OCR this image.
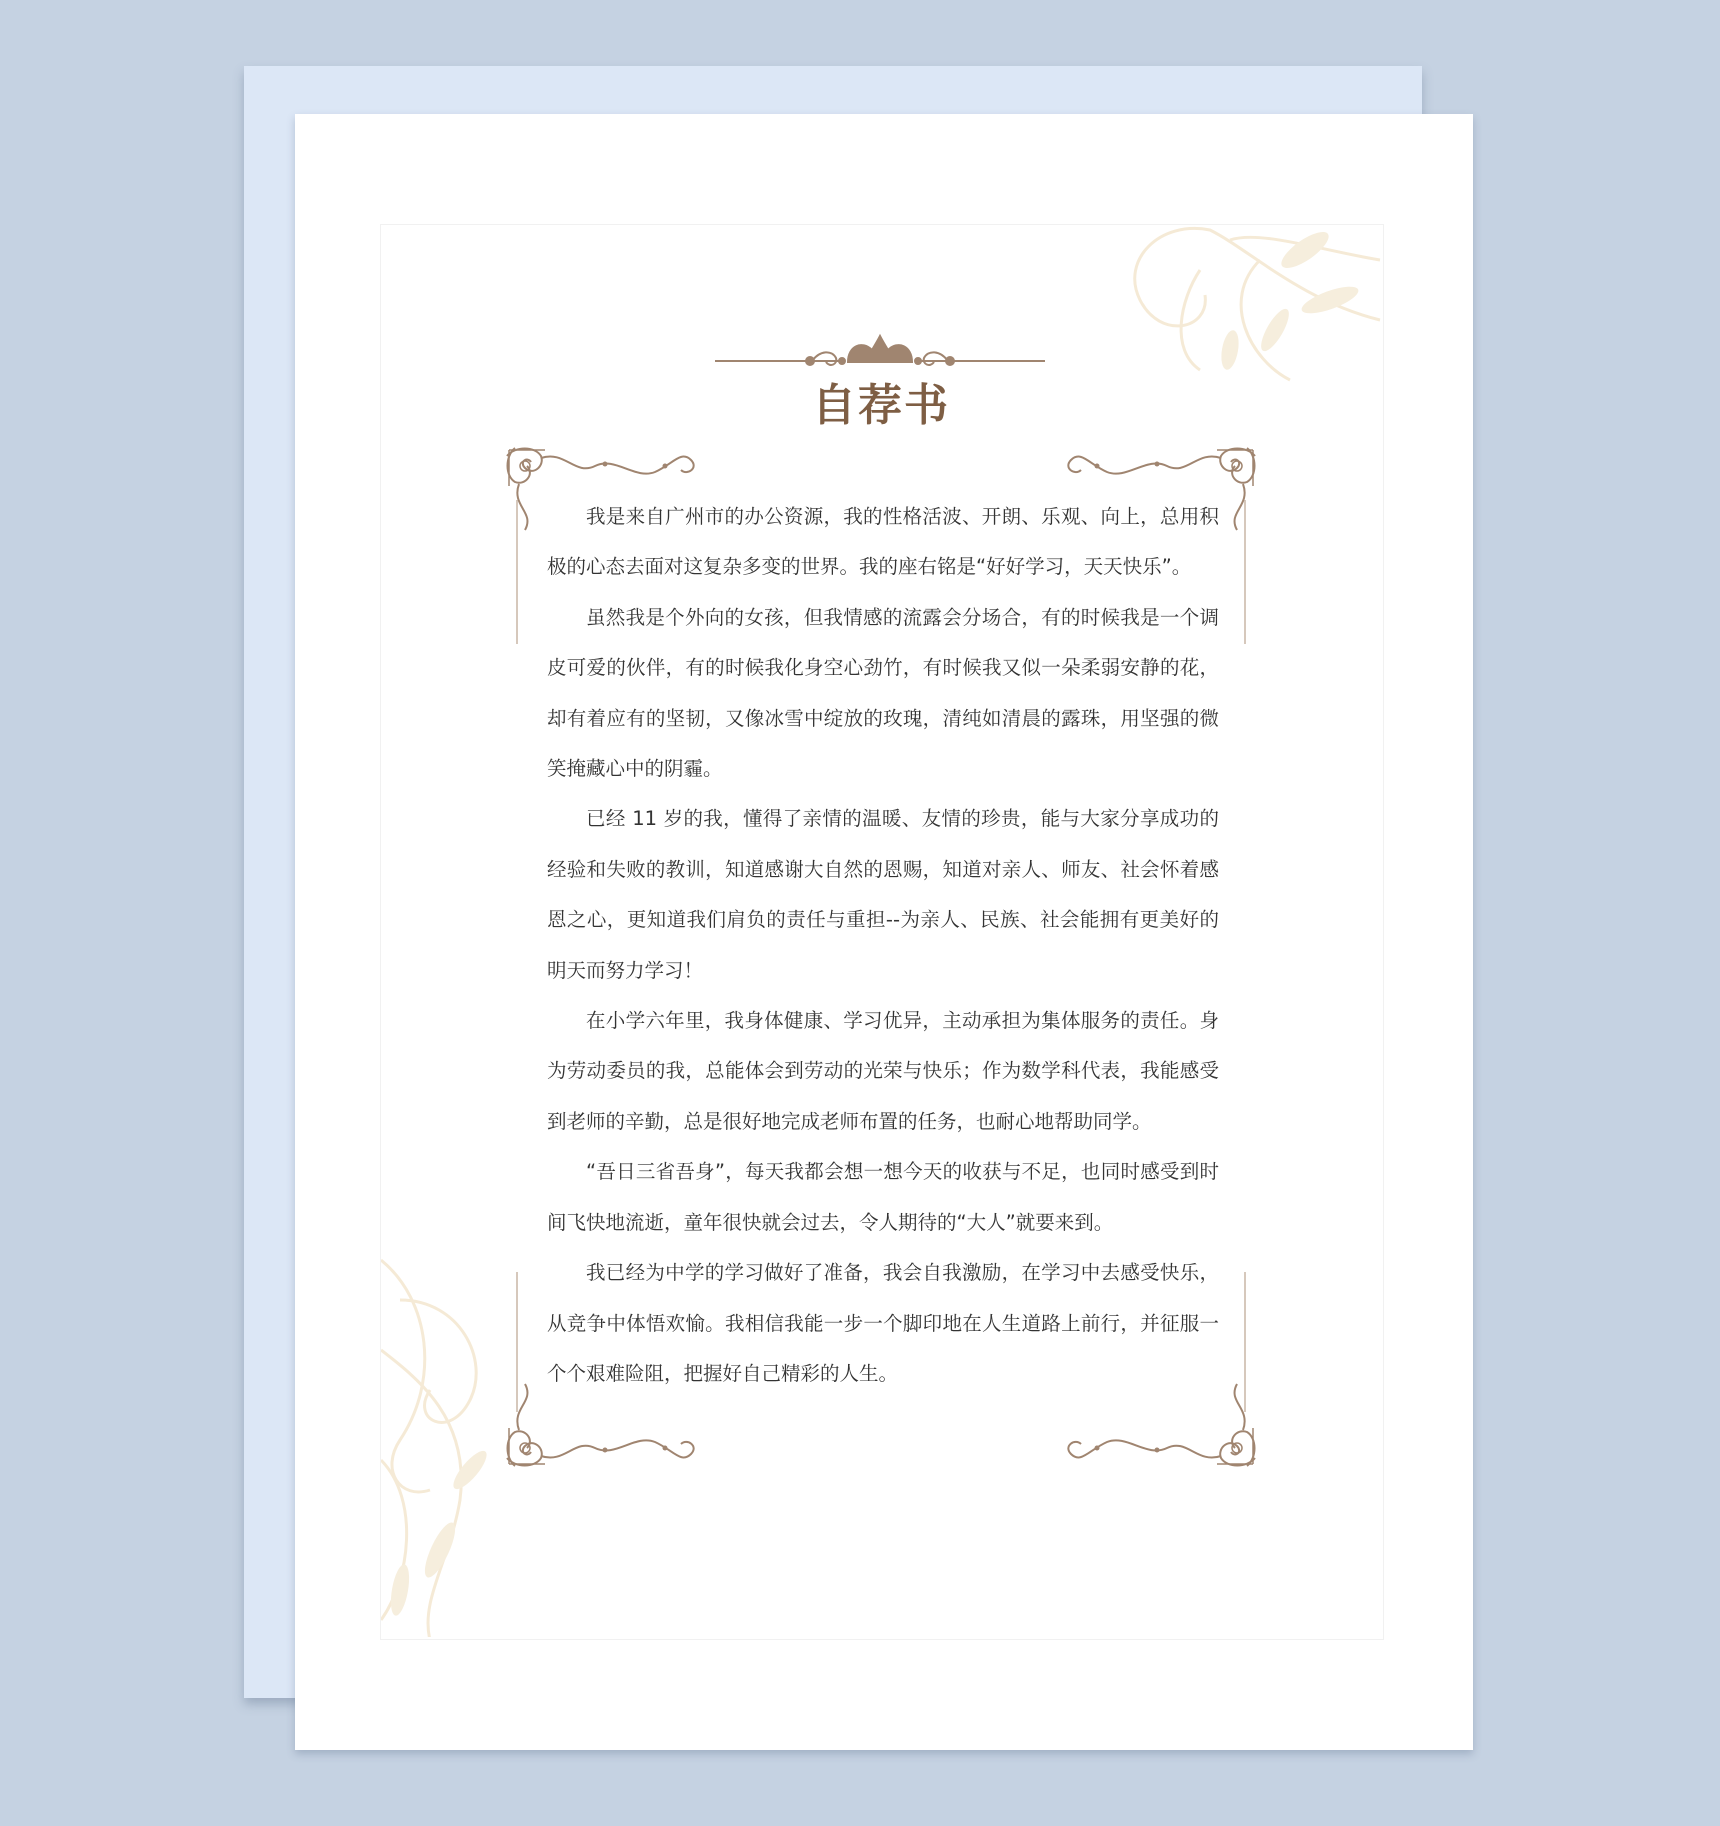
自荐书

我是来自广州市的办公资源，我的性格活波、开朗、乐观、向上，总用积极的心态去面对这复杂多变的世界。我的座右铭是“好好学习，天天快乐”。

虽然我是个外向的女孩，但我情感的流露会分场合，有的时候我是一个调皮可爱的伙伴，有的时候我化身空心劲竹，有时候我又似一朵柔弱安静的花，却有着应有的坚韧，又像冰雪中绽放的玫瑰，清纯如清晨的露珠，用坚强的微笑掩藏心中的阴霾。

已经 11 岁的我，懂得了亲情的温暖、友情的珍贵，能与大家分享成功的经验和失败的教训，知道感谢大自然的恩赐，知道对亲人、师友、社会怀着感恩之心，更知道我们肩负的责任与重担--为亲人、民族、社会能拥有更美好的明天而努力学习！

在小学六年里，我身体健康、学习优异，主动承担为集体服务的责任。身为劳动委员的我，总能体会到劳动的光荣与快乐；作为数学科代表，我能感受到老师的辛勤，总是很好地完成老师布置的任务，也耐心地帮助同学。

“吾日三省吾身”，每天我都会想一想今天的收获与不足，也同时感受到时间飞快地流逝，童年很快就会过去，令人期待的“大人”就要来到。

我已经为中学的学习做好了准备，我会自我激励，在学习中去感受快乐，从竞争中体悟欢愉。我相信我能一步一个脚印地在人生道路上前行，并征服一个个艰难险阻，把握好自己精彩的人生。
